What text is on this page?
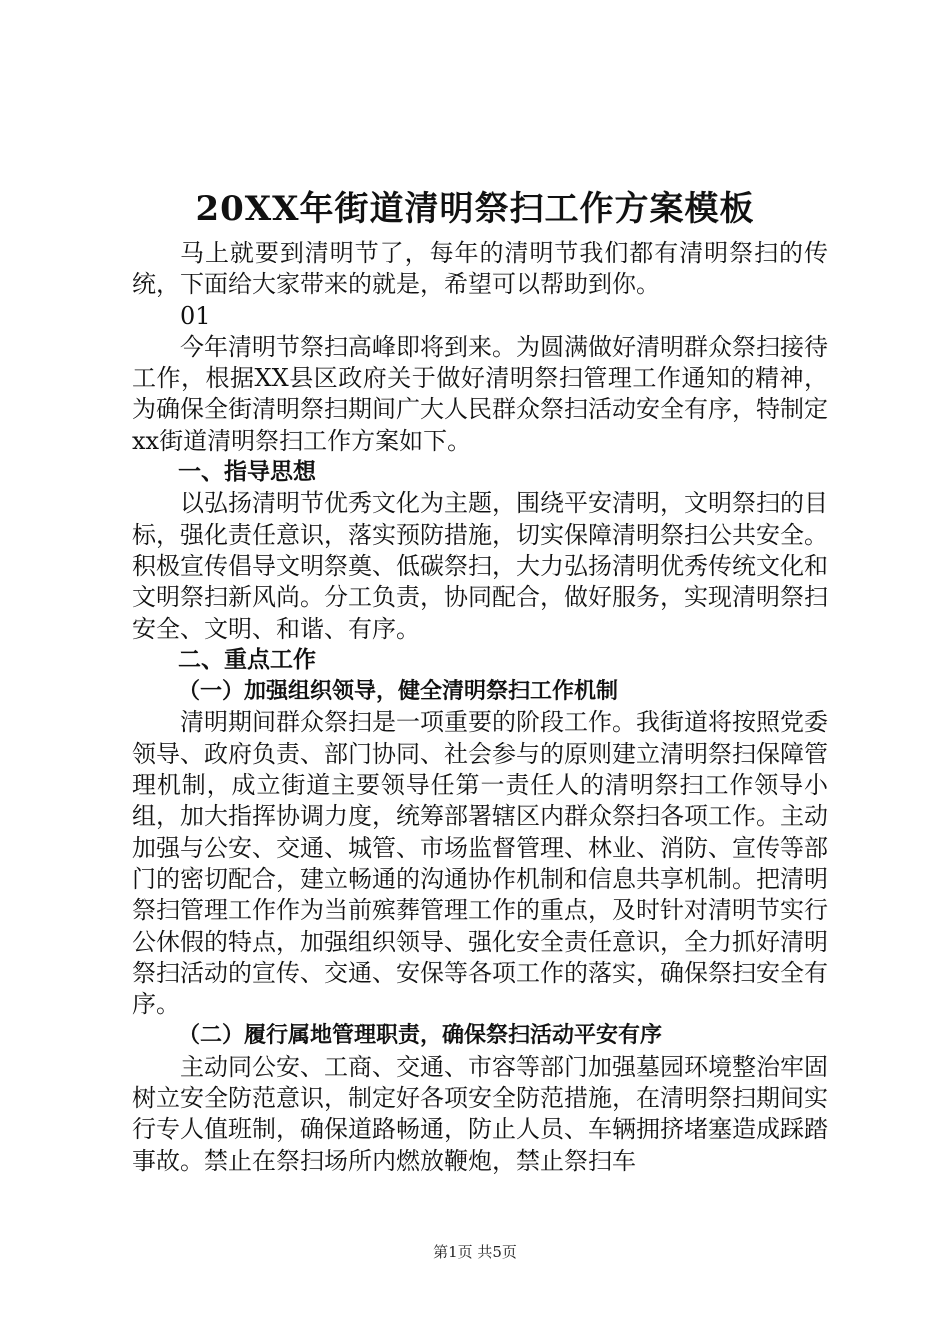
20XX年街道清明祭扫工作方案模板

马上就要到清明节了，每年的清明节我们都有清明祭扫的传统，下面给大家带来的就是，希望可以帮助到你。

01

今年清明节祭扫高峰即将到来。为圆满做好清明群众祭扫接待工作，根据XX县区政府关于做好清明祭扫管理工作通知的精神，为确保全街清明祭扫期间广大人民群众祭扫活动安全有序，特制定xx街道清明祭扫工作方案如下。

一、指导思想

以弘扬清明节优秀文化为主题，围绕平安清明，文明祭扫的目标，强化责任意识，落实预防措施，切实保障清明祭扫公共安全。积极宣传倡导文明祭奠、低碳祭扫，大力弘扬清明优秀传统文化和文明祭扫新风尚。分工负责，协同配合，做好服务，实现清明祭扫安全、文明、和谐、有序。

二、重点工作

（一）加强组织领导，健全清明祭扫工作机制

清明期间群众祭扫是一项重要的阶段工作。我街道将按照党委领导、政府负责、部门协同、社会参与的原则建立清明祭扫保障管理机制，成立街道主要领导任第一责任人的清明祭扫工作领导小组，加大指挥协调力度，统筹部署辖区内群众祭扫各项工作。主动加强与公安、交通、城管、市场监督管理、林业、消防、宣传等部门的密切配合，建立畅通的沟通协作机制和信息共享机制。把清明祭扫管理工作作为当前殡葬管理工作的重点，及时针对清明节实行公休假的特点，加强组织领导、强化安全责任意识，全力抓好清明祭扫活动的宣传、交通、安保等各项工作的落实，确保祭扫安全有序。

（二）履行属地管理职责，确保祭扫活动平安有序

主动同公安、工商、交通、市容等部门加强墓园环境整治牢固树立安全防范意识，制定好各项安全防范措施，在清明祭扫期间实行专人值班制，确保道路畅通，防止人员、车辆拥挤堵塞造成踩踏事故。禁止在祭扫场所内燃放鞭炮，禁止祭扫车

第1页 共5页
